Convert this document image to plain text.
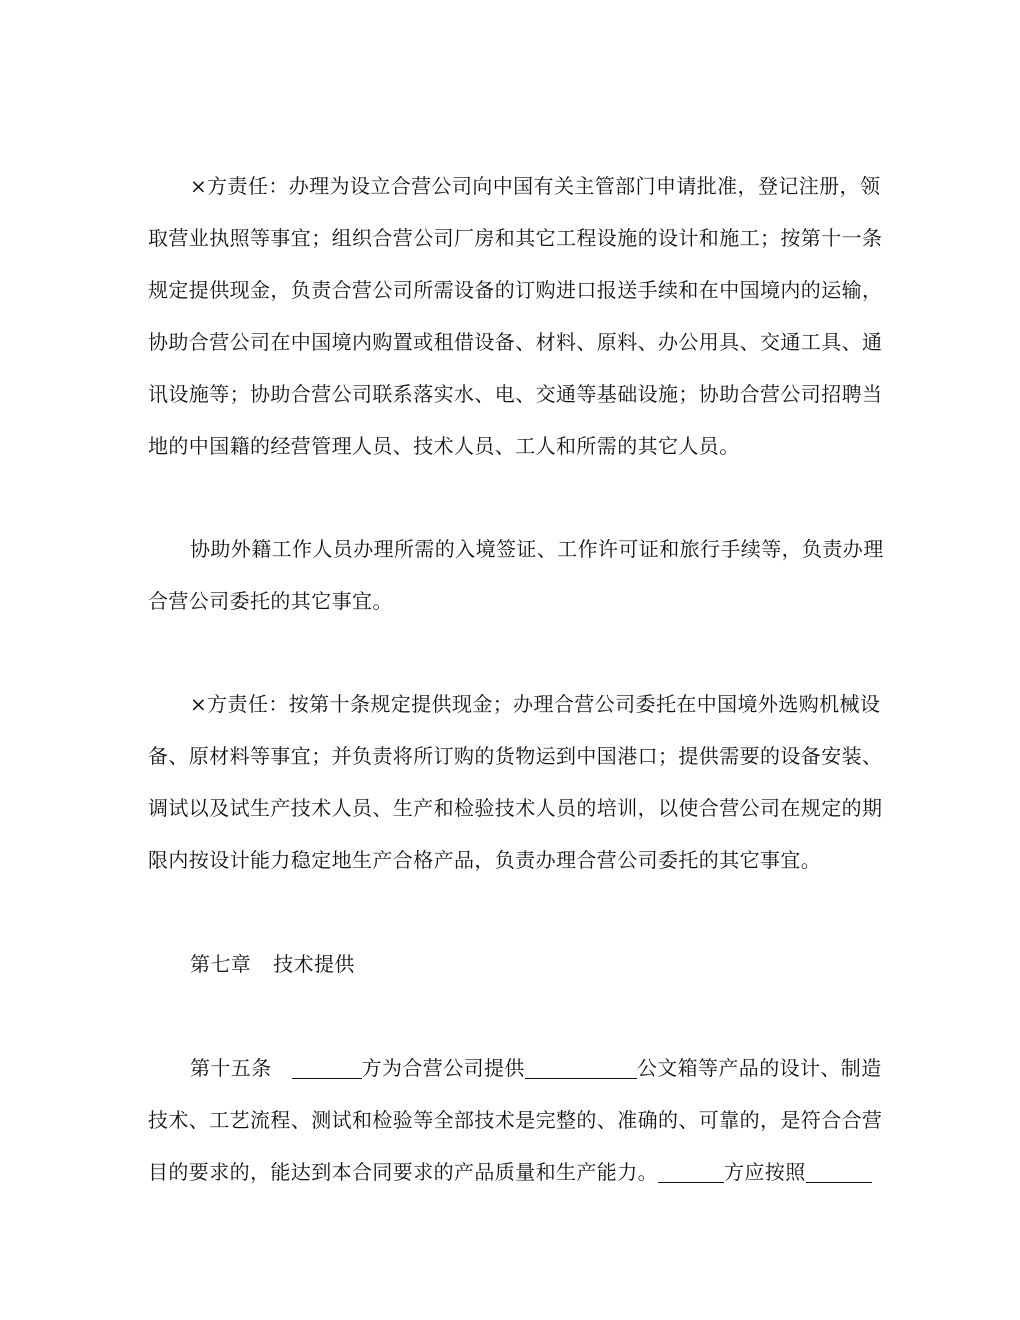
×方责任：办理为设立合营公司向中国有关主管部门申请批准，登记注册，领
取营业执照等事宜；组织合营公司厂房和其它工程设施的设计和施工；按第十一条
规定提供现金，负责合营公司所需设备的订购进口报送手续和在中国境内的运输，
协助合营公司在中国境内购置或租借设备、材料、原料、办公用具、交通工具、通
讯设施等；协助合营公司联系落实水、电、交通等基础设施；协助合营公司招聘当
地的中国籍的经营管理人员、技术人员、工人和所需的其它人员。
协助外籍工作人员办理所需的入境签证、工作许可证和旅行手续等，负责办理
合营公司委托的其它事宜。
×方责任：按第十条规定提供现金；办理合营公司委托在中国境外选购机械设
备、原材料等事宜；并负责将所订购的货物运到中国港口；提供需要的设备安装、
调试以及试生产技术人员、生产和检验技术人员的培训，以使合营公司在规定的期
限内按设计能力稳定地生产合格产品，负责办理合营公司委托的其它事宜。
第七章 技术提供
第十五条	方为合营公司提供	公文箱等产品的设计、制造
技术、工艺流程、测试和检验等全部技术是完整的、准确的、可靠的，是符合合营
目的要求的，能达到本合同要求的产品质量和生产能力。	方应按照
